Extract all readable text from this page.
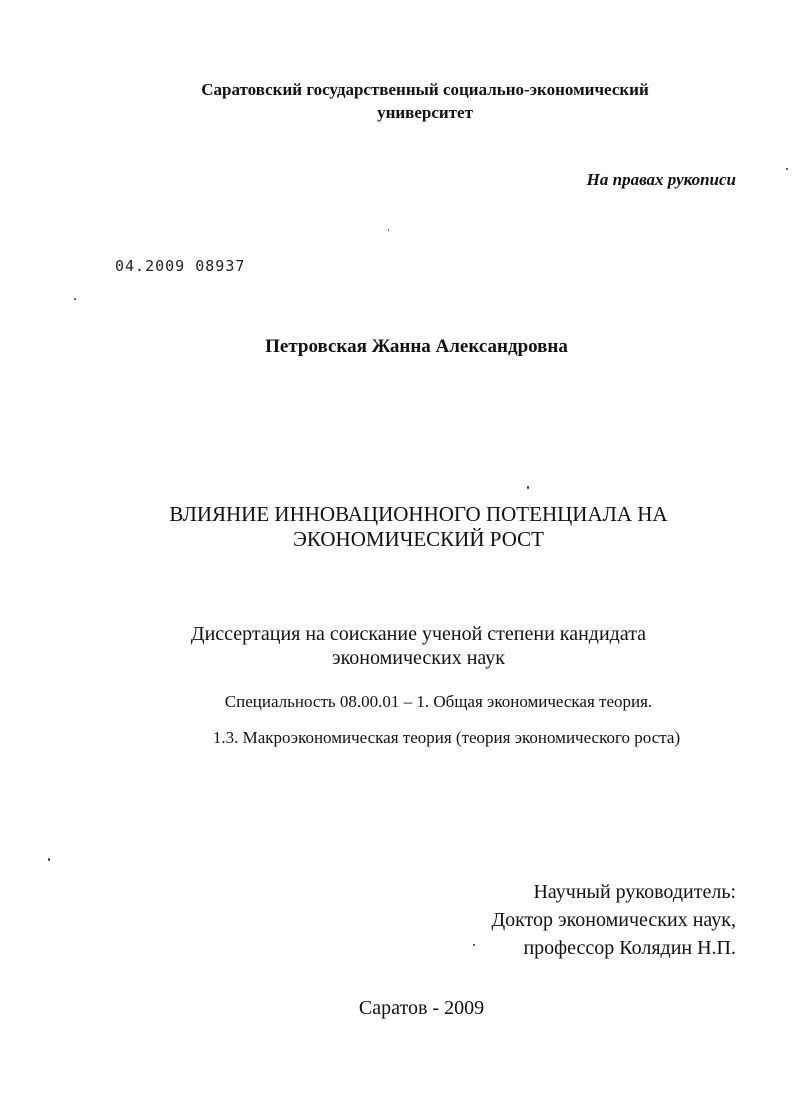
Саратовский государственный социально-экономический
университет
На правах рукописи
04.2009 08937
Петровская Жанна Александровна
ВЛИЯНИЕ ИННОВАЦИОННОГО ПОТЕНЦИАЛА НА
ЭКОНОМИЧЕСКИЙ РОСТ
Диссертация на соискание ученой степени кандидата
экономических наук
Специальность 08.00.01 – 1. Общая экономическая теория.
1.3. Макроэкономическая теория (теория экономического роста)
Научный руководитель:
Доктор экономических наук,
профессор Колядин Н.П.
Саратов - 2009
